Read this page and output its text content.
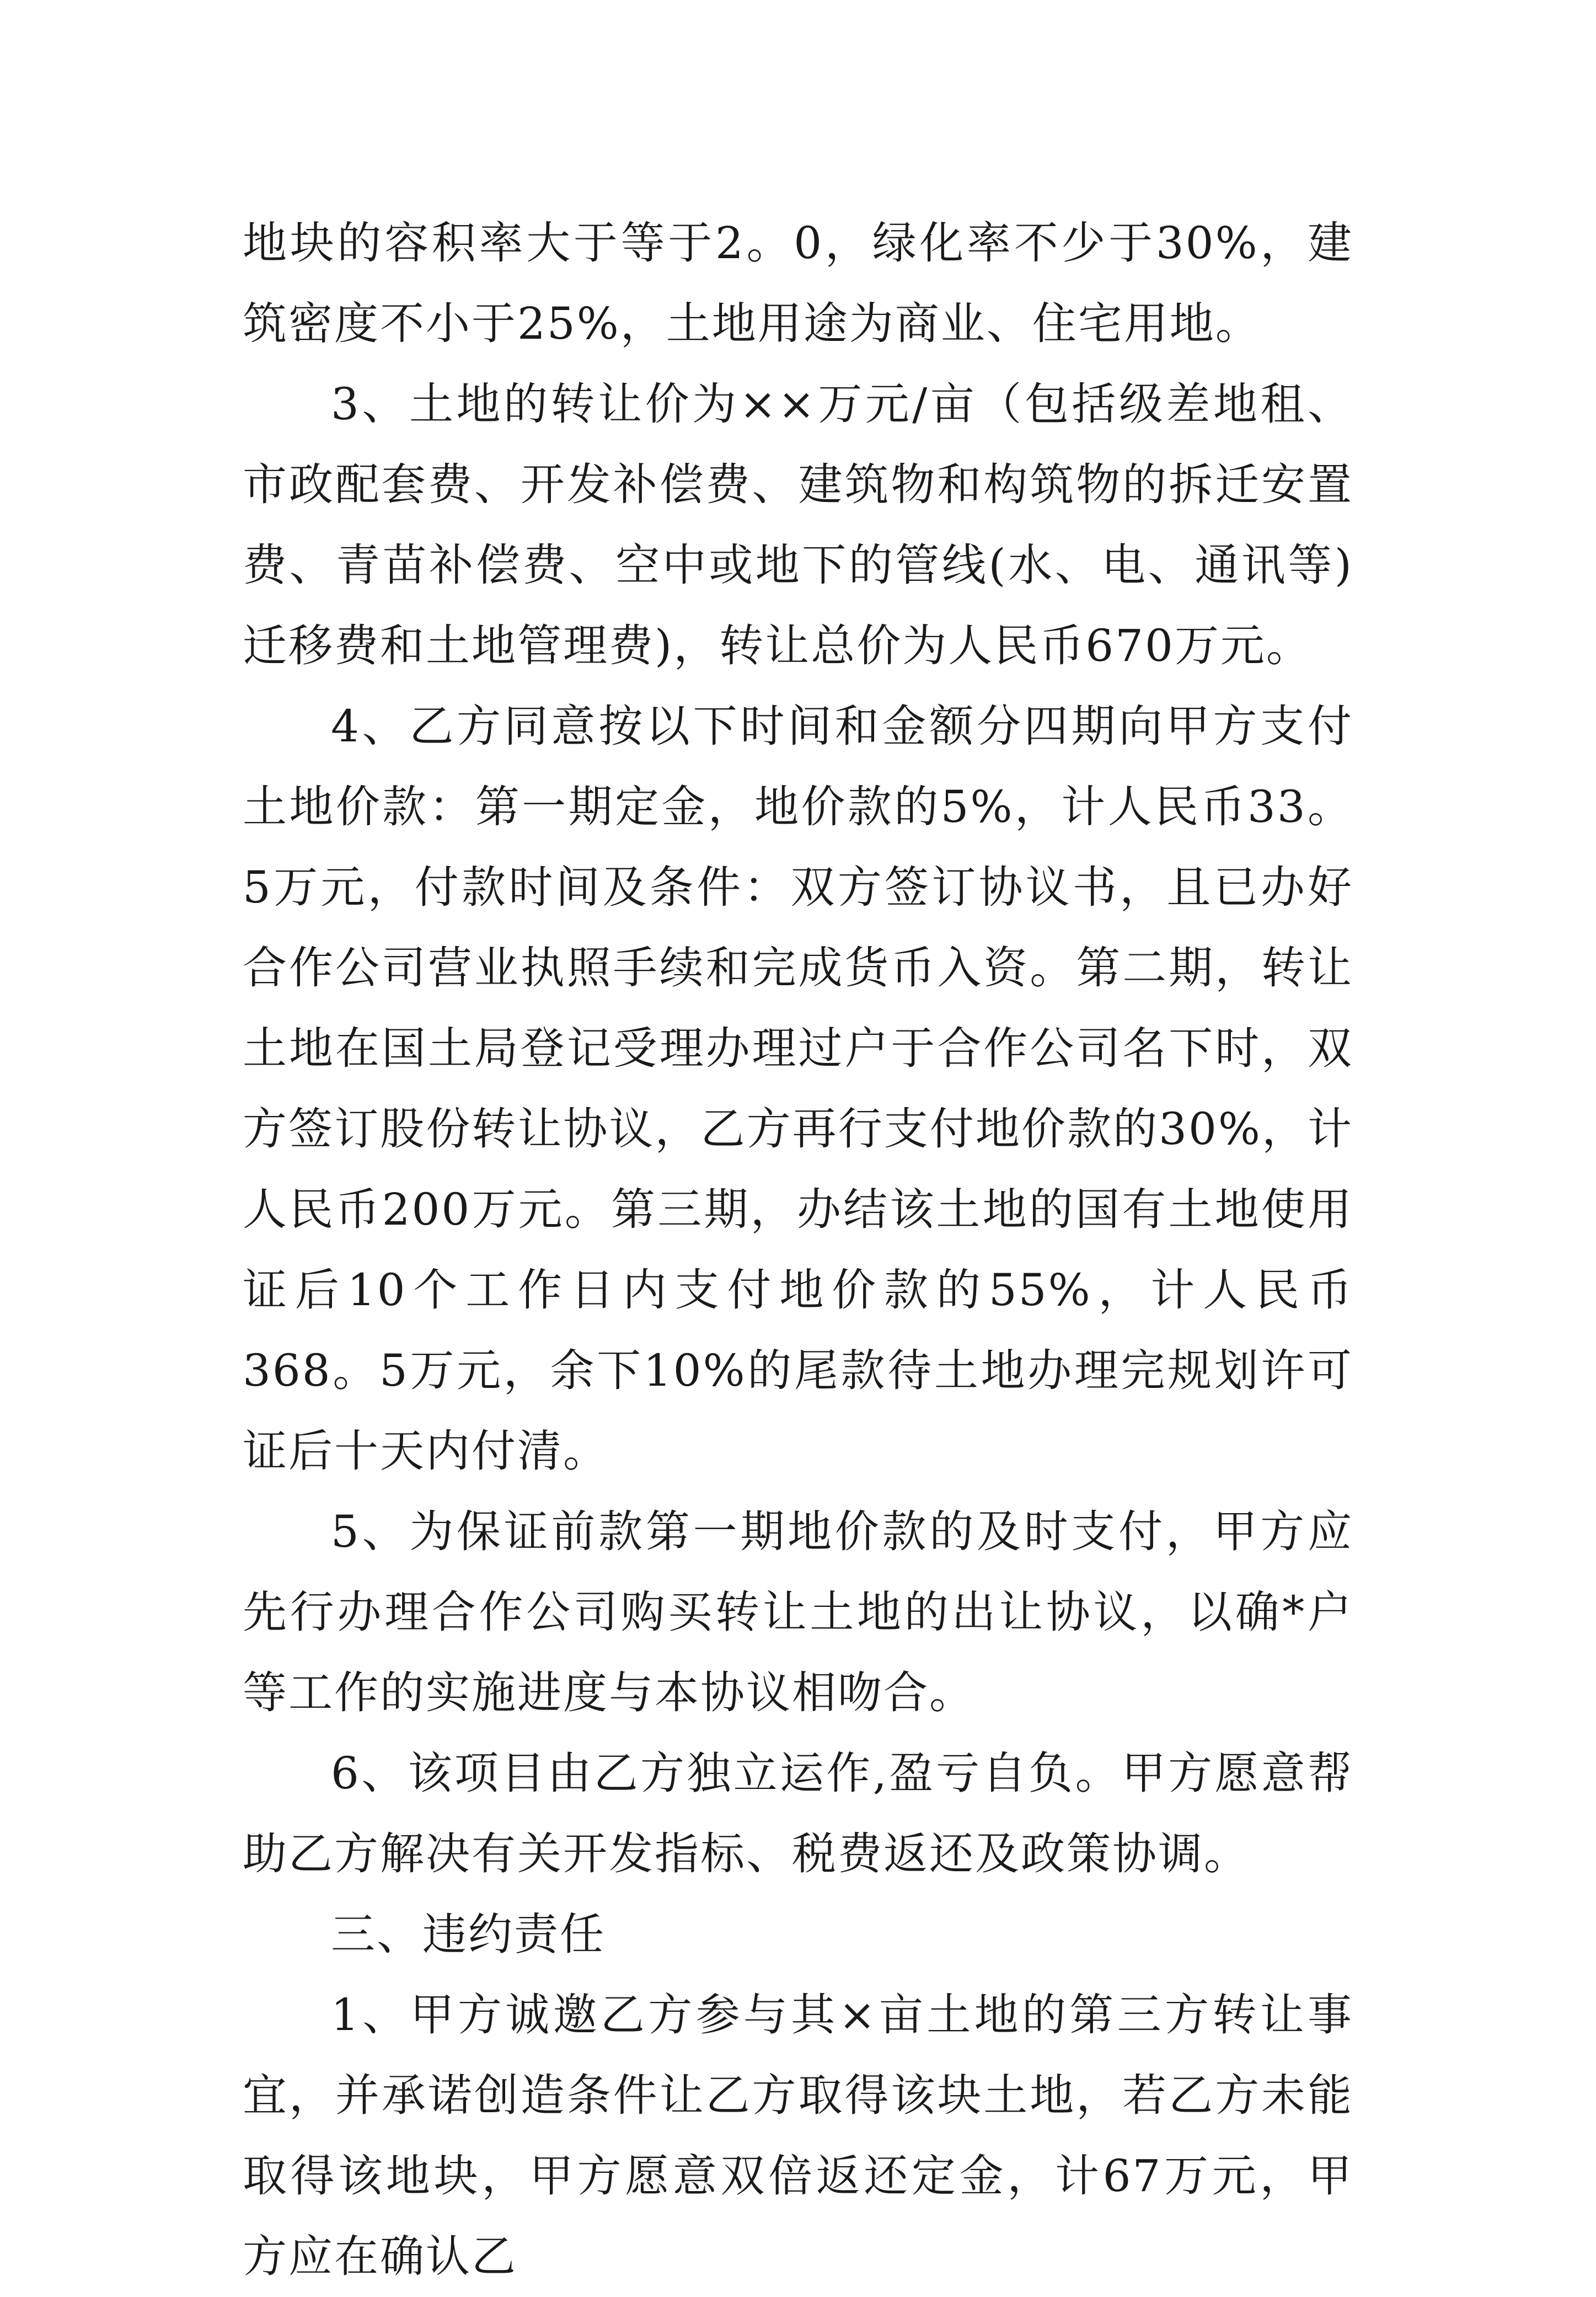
地块的容积率大于等于2。0，绿化率不少于30%，建筑密度不小于25%，土地用途为商业、住宅用地。

3、土地的转让价为××万元/亩（包括级差地租、市政配套费、开发补偿费、建筑物和构筑物的拆迁安置费、青苗补偿费、空中或地下的管线(水、电、通讯等)迁移费和土地管理费)，转让总价为人民币670万元。

4、乙方同意按以下时间和金额分四期向甲方支付土地价款：第一期定金，地价款的5%，计人民币33。5万元，付款时间及条件：双方签订协议书，且已办好合作公司营业执照手续和完成货币入资。第二期，转让土地在国土局登记受理办理过户于合作公司名下时，双方签订股份转让协议，乙方再行支付地价款的30%，计人民币200万元。第三期，办结该土地的国有土地使用证后10个工作日内支付地价款的55%，计人民币368。5万元，余下10%的尾款待土地办理完规划许可证后十天内付清。

5、为保证前款第一期地价款的及时支付，甲方应先行办理合作公司购买转让土地的出让协议，以确*户等工作的实施进度与本协议相吻合。

6、该项目由乙方独立运作,盈亏自负。甲方愿意帮助乙方解决有关开发指标、税费返还及政策协调。

三、违约责任

1、甲方诚邀乙方参与其×亩土地的第三方转让事宜，并承诺创造条件让乙方取得该块土地，若乙方未能取得该地块，甲方愿意双倍返还定金，计67万元，甲方应在确认乙
